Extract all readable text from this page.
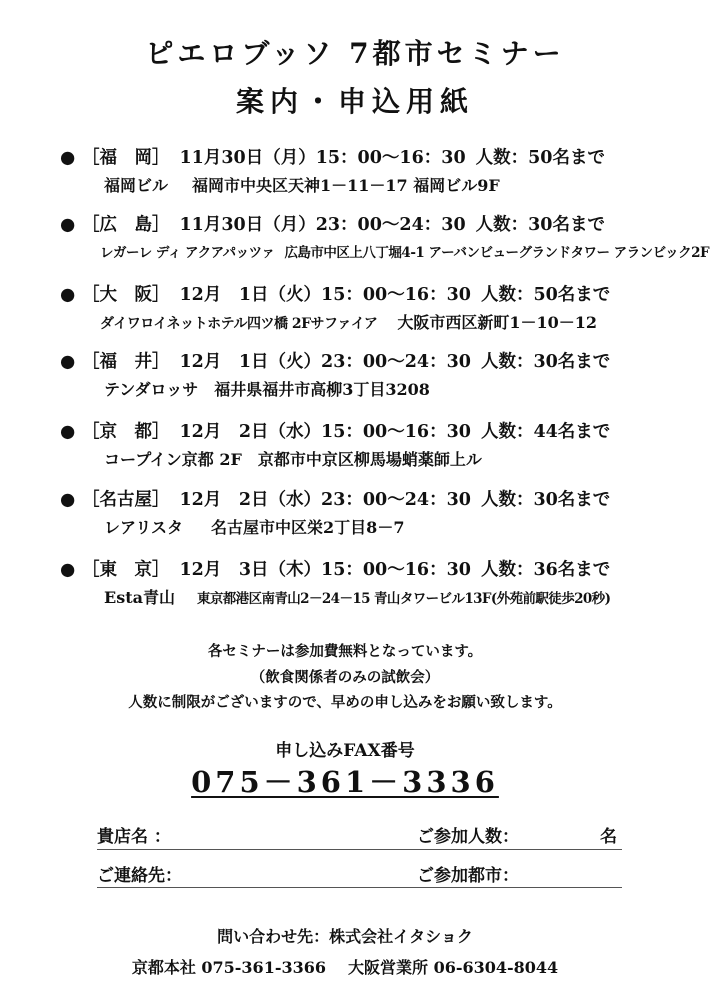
ピエロブッソ 7都市セミナー
案内・申込用紙
● ［福　岡］ 11月30日（月）15：00～16：30 人数：50名まで
福岡ビル 福岡市中央区天神1－11－17 福岡ビル9F
● ［広　島］ 11月30日（月）23：00～24：30 人数：30名まで
レガーレ ディ アクアパッツァ 広島市中区上八丁堀4-1 アーバンビューグランドタワー アランビック2F
● ［大　阪］ 12月　1日（火）15：00～16：30 人数：50名まで
ダイワロイネットホテル四ツ橋 2Fサファイア 大阪市西区新町1－10－12
● ［福　井］ 12月　1日（火）23：00～24：30 人数：30名まで
テンダロッサ 福井県福井市高柳3丁目3208
● ［京　都］ 12月　2日（水）15：00～16：30 人数：44名まで
コープイン京都 2F 京都市中京区柳馬場蛸薬師上ル
● ［名古屋］ 12月　2日（水）23：00～24：30 人数：30名まで
レアリスタ 名古屋市中区栄2丁目8－7
● ［東　京］ 12月　3日（木）15：00～16：30 人数：36名まで
Esta青山 東京都港区南青山2－24－15 青山タワービル13F(外苑前駅徒歩20秒)
各セミナーは参加費無料となっています。
（飲食関係者のみの試飲会）
人数に制限がございますので、早めの申し込みをお願い致します。
申し込みFAX番号
075－361－3336
貴店名 ：	ご参加人数：	名
ご連絡先：	ご参加都市：
問い合わせ先：株式会社イタショク
京都本社 075-361-3366 大阪営業所 06-6304-8044
